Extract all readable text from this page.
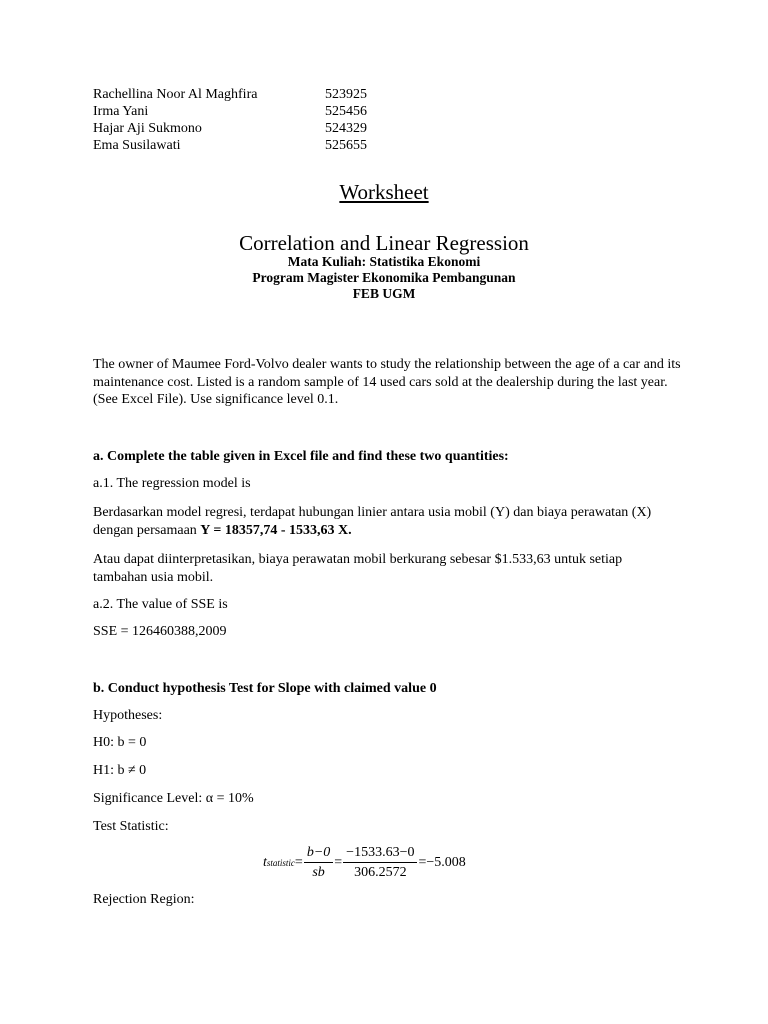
Rachellina Noor Al Maghfira	523925
Irma Yani	525456
Hajar Aji Sukmono	524329
Ema Susilawati	525655
Worksheet
Correlation and Linear Regression
Mata Kuliah: Statistika Ekonomi
Program Magister Ekonomika Pembangunan
FEB UGM
The owner of Maumee Ford-Volvo dealer wants to study the relationship between the age of a car and its maintenance cost. Listed is a random sample of 14 used cars sold at the dealership during the last year. (See Excel File). Use significance level 0.1.
a. Complete the table given in Excel file and find these two quantities:
a.1. The regression model is
Berdasarkan model regresi, terdapat hubungan linier antara usia mobil (Y) dan biaya perawatan (X) dengan persamaan Y = 18357,74 - 1533,63 X.
Atau dapat diinterpretasikan, biaya perawatan mobil berkurang sebesar $1.533,63 untuk setiap tambahan usia mobil.
a.2. The value of SSE is
SSE = 126460388,2009
b. Conduct hypothesis Test for Slope with claimed value 0
Hypotheses:
H0: b = 0
H1: b ≠ 0
Significance Level: α = 10%
Test Statistic:
t statistic = $\frac{b-0}{sb} = \frac{-1533.63-0}{306.2572} =-5.008$
Rejection Region:
